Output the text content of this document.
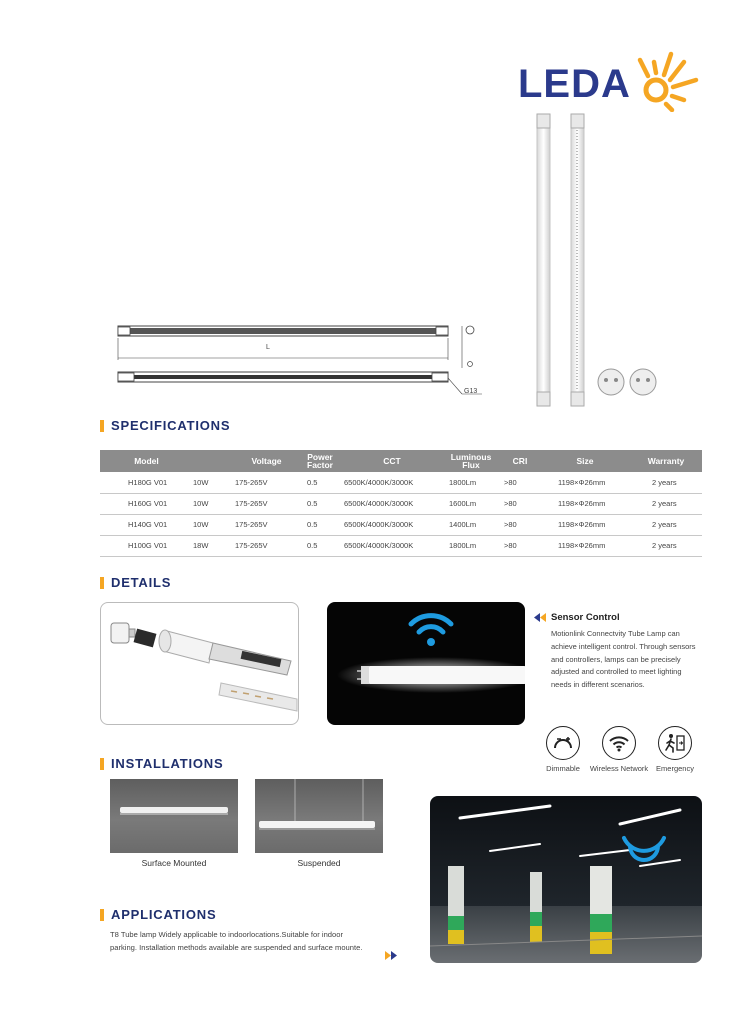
LEDA
L
G13
SPECIFICATIONS
Model		Voltage	Power Factor	CCT	Luminous Flux	CRI	Size	Warranty
H180G V01	10W	175-265V	0.5	6500K/4000K/3000K	1800Lm	>80	1198×Φ26mm	2 years
H160G V01	10W	175-265V	0.5	6500K/4000K/3000K	1600Lm	>80	1198×Φ26mm	2 years
H140G V01	10W	175-265V	0.5	6500K/4000K/3000K	1400Lm	>80	1198×Φ26mm	2 years
H100G V01	18W	175-265V	0.5	6500K/4000K/3000K	1800Lm	>80	1198×Φ26mm	2 years
DETAILS
Sensor Control
Motionlink Connectvity Tube Lamp can achieve intelligent control. Through sensors and controllers, lamps can be precisely adjusted and controlled to meet lighting needs in different scenarios.
Dimmable	Wireless Network	Emergency
INSTALLATIONS
Surface Mounted	Suspended
APPLICATIONS
T8 Tube lamp Widely applicable to indoorlocations.Suitable for indoor parking. Installation methods available are suspended and surface mounte.
